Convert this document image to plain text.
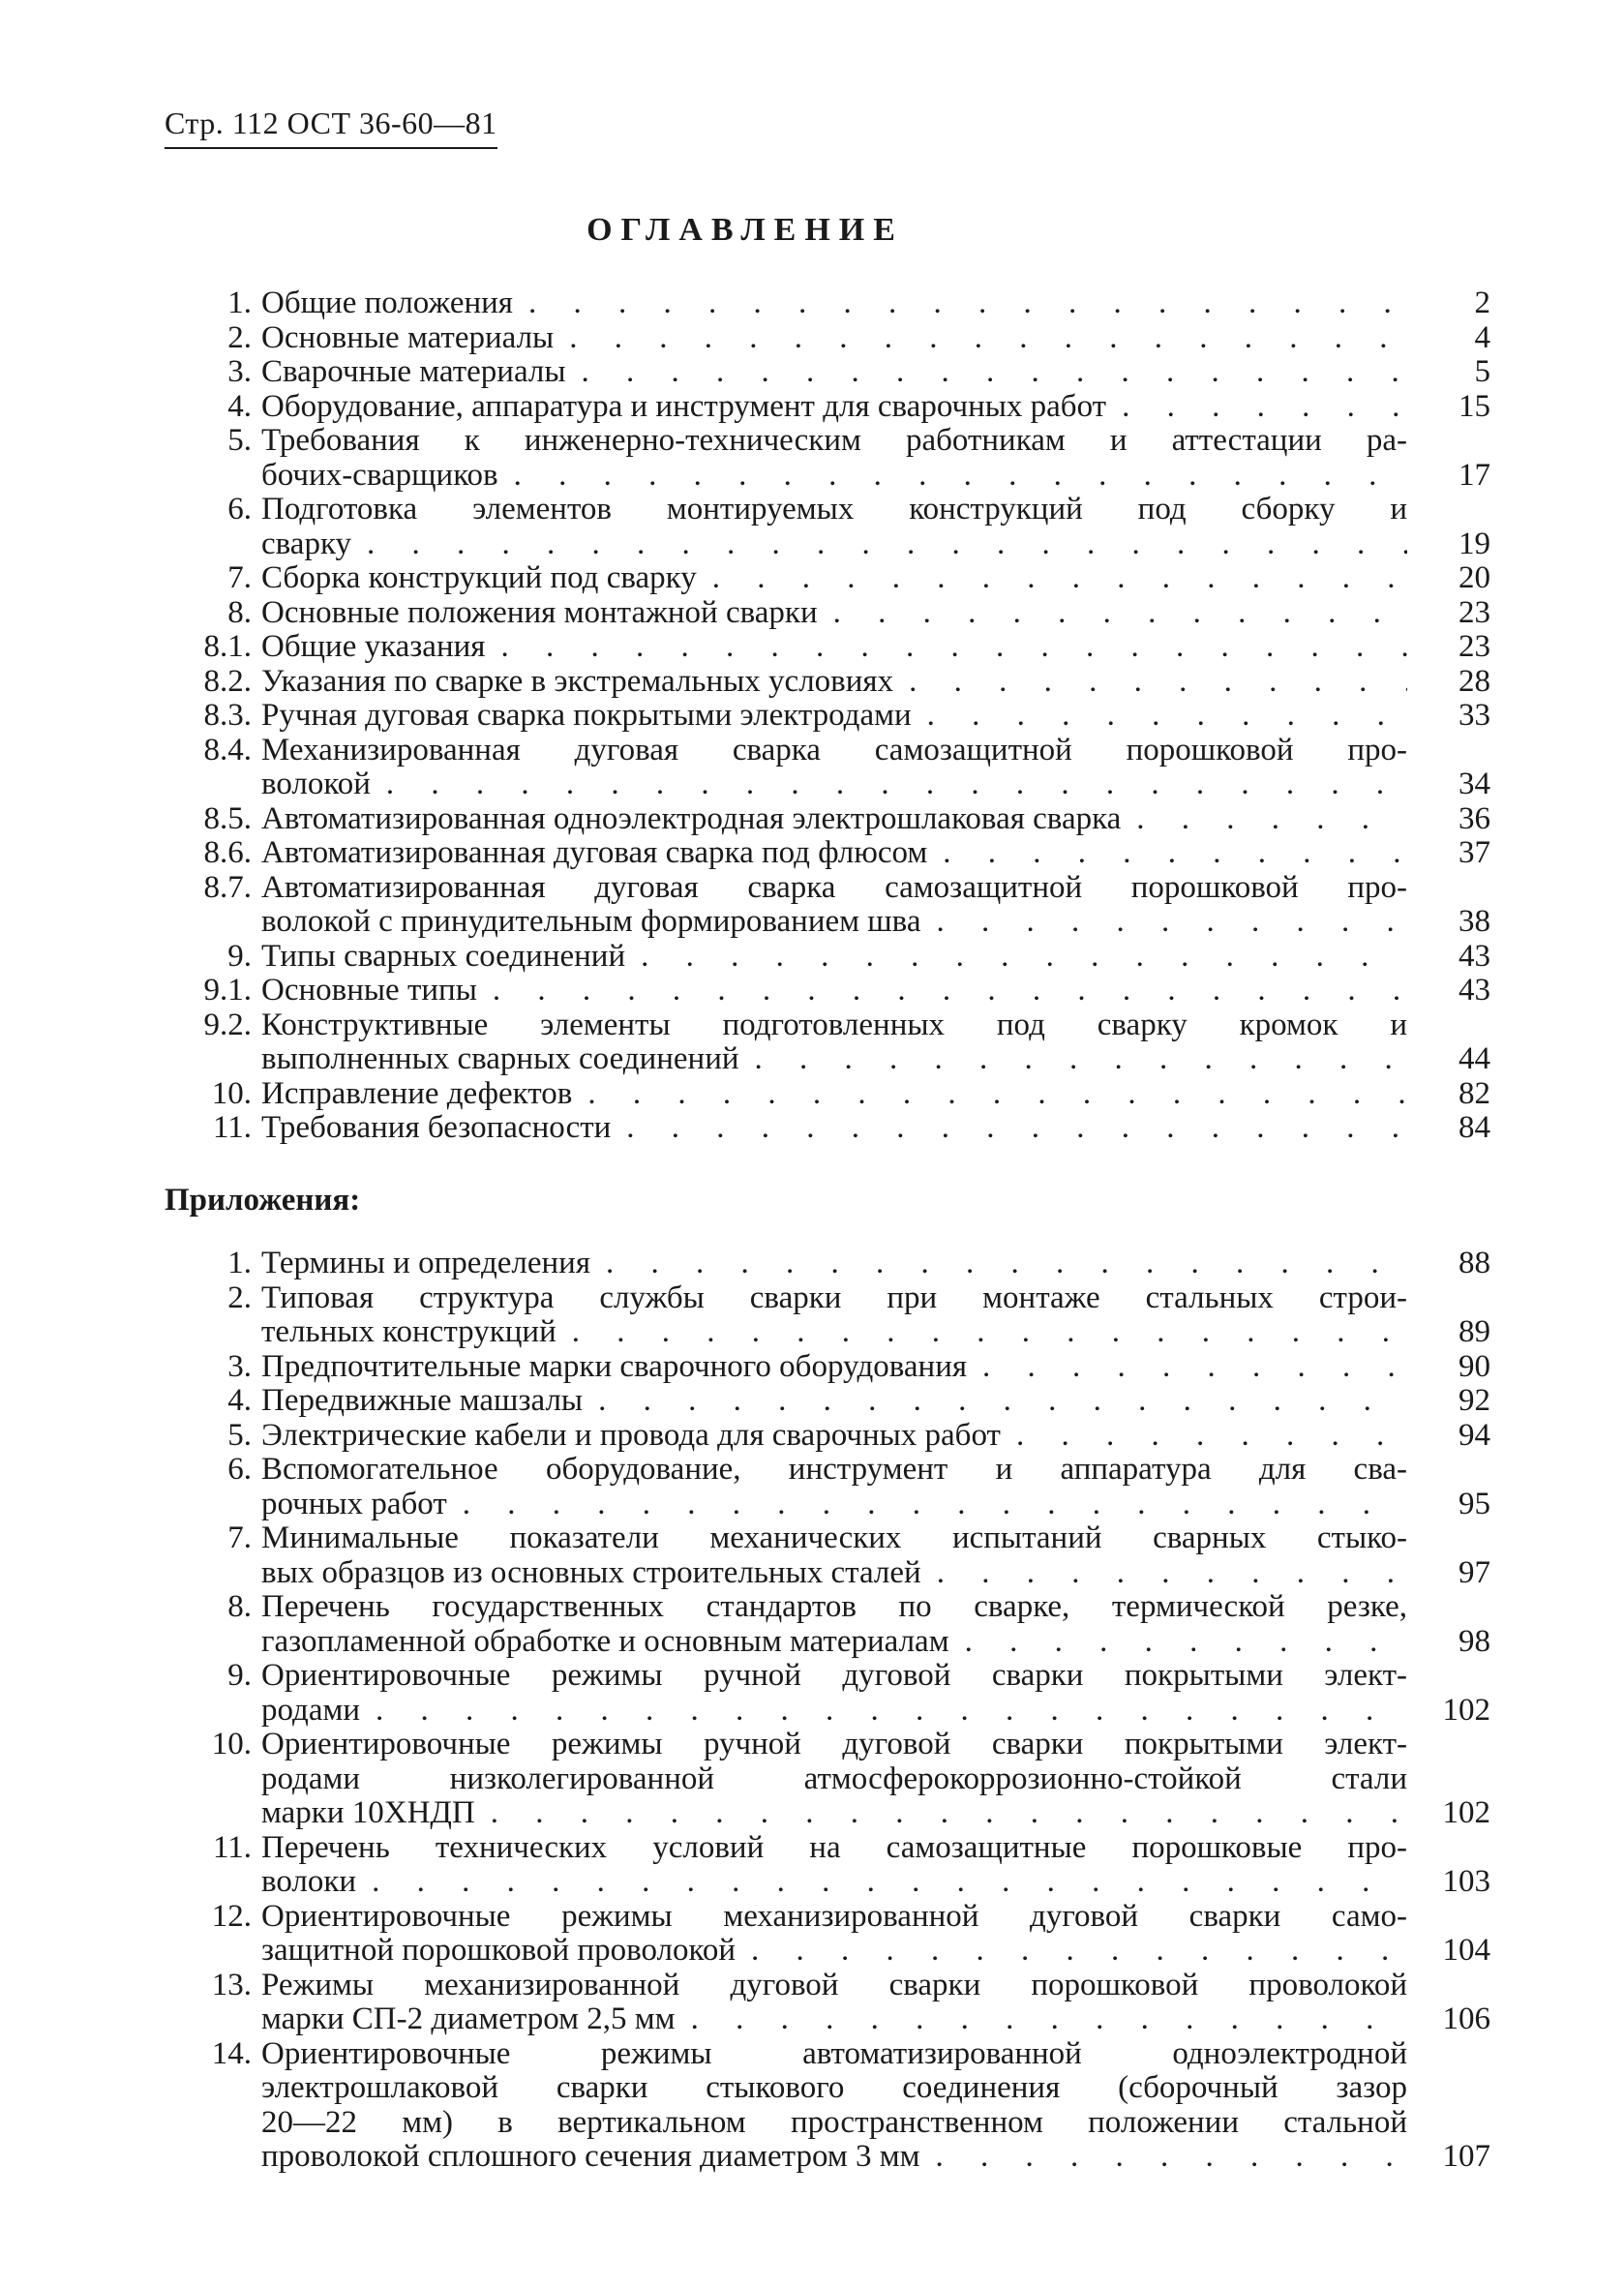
Стр. 112 ОСТ 36-60—81
ОГЛАВЛЕНИЕ
1. Общие положения . . .	2
2. Основные материалы . . .	4
3. Сварочные материалы . . .	5
4. Оборудование, аппаратура и инструмент для сварочных работ . . .	15
5. Требования к инженерно-техническим работникам и аттестации ра-
бочих-сварщиков . . .	17
6. Подготовка элементов монтируемых конструкций под сборку и
сварку . . .	19
7. Сборка конструкций под сварку . . .	20
8. Основные положения монтажной сварки . . .	23
8.1. Общие указания . . .	23
8.2. Указания по сварке в экстремальных условиях . . .	28
8.3. Ручная дуговая сварка покрытыми электродами . . .	33
8.4. Механизированная дуговая сварка самозащитной порошковой про-
волокой . . .	34
8.5. Автоматизированная одноэлектродная электрошлаковая сварка . . .	36
8.6. Автоматизированная дуговая сварка под флюсом . . .	37
8.7. Автоматизированная дуговая сварка самозащитной порошковой про-
волокой с принудительным формированием шва . . .	38
9. Типы сварных соединений . . .	43
9.1. Основные типы . . .	43
9.2. Конструктивные элементы подготовленных под сварку кромок и
выполненных сварных соединений . . .	44
10. Исправление дефектов . . .	82
11. Требования безопасности . . .	84
Приложения:
1. Термины и определения . . .	88
2. Типовая структура службы сварки при монтаже стальных строи-
тельных конструкций . . .	89
3. Предпочтительные марки сварочного оборудования . . .	90
4. Передвижные машзалы . . .	92
5. Электрические кабели и провода для сварочных работ . . .	94
6. Вспомогательное оборудование, инструмент и аппаратура для сва-
рочных работ . . .	95
7. Минимальные показатели механических испытаний сварных стыко-
вых образцов из основных строительных сталей . . .	97
8. Перечень государственных стандартов по сварке, термической резке,
газопламенной обработке и основным материалам . . .	98
9. Ориентировочные режимы ручной дуговой сварки покрытыми элект-
родами . . .	102
10. Ориентировочные режимы ручной дуговой сварки покрытыми элект-
родами низколегированной атмосферокоррозионно-стойкой стали
марки 10ХНДП . . .	102
11. Перечень технических условий на самозащитные порошковые про-
волоки . . .	103
12. Ориентировочные режимы механизированной дуговой сварки само-
защитной порошковой проволокой . . .	104
13. Режимы механизированной дуговой сварки порошковой проволокой
марки СП-2 диаметром 2,5 мм . . .	106
14. Ориентировочные режимы автоматизированной одноэлектродной
электрошлаковой сварки стыкового соединения (сборочный зазор
20—22 мм) в вертикальном пространственном положении стальной
проволокой сплошного сечения диаметром 3 мм . . .	107
